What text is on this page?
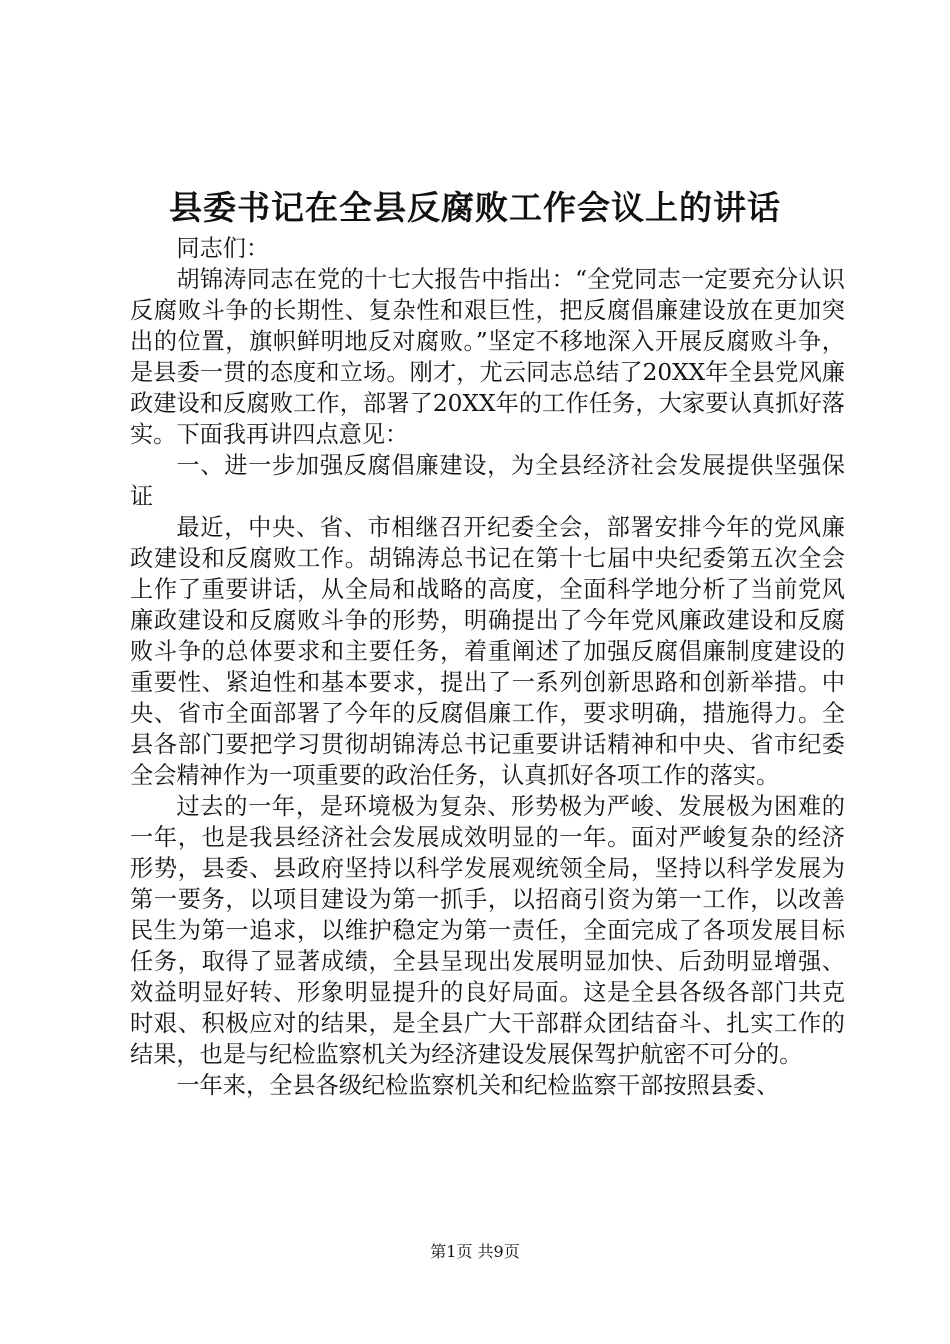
县委书记在全县反腐败工作会议上的讲话

同志们：

胡锦涛同志在党的十七大报告中指出：“全党同志一定要充分认识反腐败斗争的长期性、复杂性和艰巨性，把反腐倡廉建设放在更加突出的位置，旗帜鲜明地反对腐败。”坚定不移地深入开展反腐败斗争，是县委一贯的态度和立场。刚才，尤云同志总结了20XX年全县党风廉政建设和反腐败工作，部署了20XX年的工作任务，大家要认真抓好落实。下面我再讲四点意见：

一、进一步加强反腐倡廉建设，为全县经济社会发展提供坚强保证

最近，中央、省、市相继召开纪委全会，部署安排今年的党风廉政建设和反腐败工作。胡锦涛总书记在第十七届中央纪委第五次全会上作了重要讲话，从全局和战略的高度，全面科学地分析了当前党风廉政建设和反腐败斗争的形势，明确提出了今年党风廉政建设和反腐败斗争的总体要求和主要任务，着重阐述了加强反腐倡廉制度建设的重要性、紧迫性和基本要求，提出了一系列创新思路和创新举措。中央、省市全面部署了今年的反腐倡廉工作，要求明确，措施得力。全县各部门要把学习贯彻胡锦涛总书记重要讲话精神和中央、省市纪委全会精神作为一项重要的政治任务，认真抓好各项工作的落实。

过去的一年，是环境极为复杂、形势极为严峻、发展极为困难的一年，也是我县经济社会发展成效明显的一年。面对严峻复杂的经济形势，县委、县政府坚持以科学发展观统领全局，坚持以科学发展为第一要务，以项目建设为第一抓手，以招商引资为第一工作，以改善民生为第一追求，以维护稳定为第一责任，全面完成了各项发展目标任务，取得了显著成绩，全县呈现出发展明显加快、后劲明显增强、效益明显好转、形象明显提升的良好局面。这是全县各级各部门共克时艰、积极应对的结果，是全县广大干部群众团结奋斗、扎实工作的结果，也是与纪检监察机关为经济建设发展保驾护航密不可分的。

一年来，全县各级纪检监察机关和纪检监察干部按照县委、

第1页 共9页
